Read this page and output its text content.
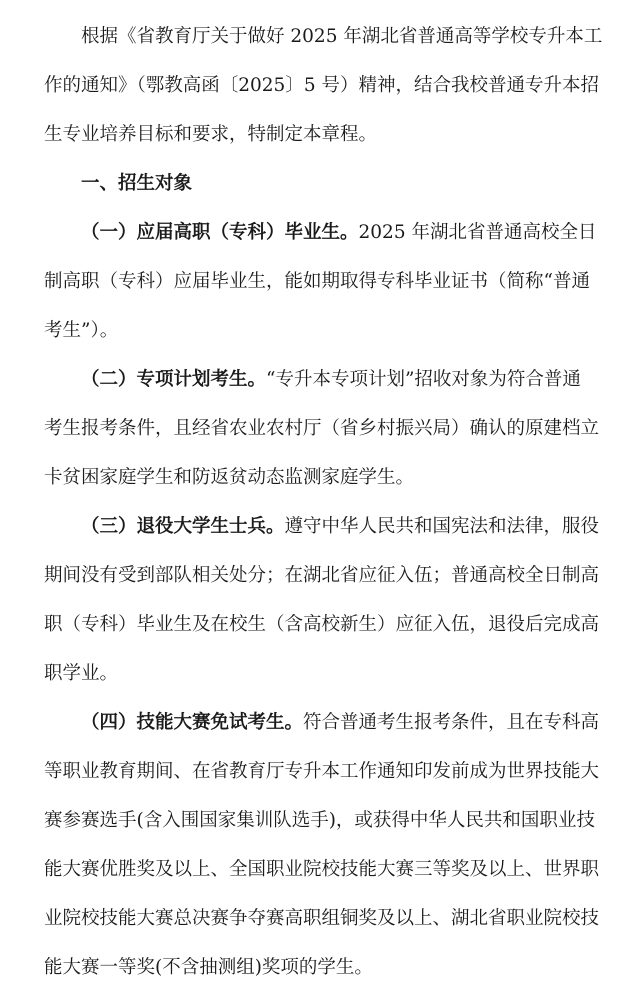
根据《省教育厅关于做好 2025 年湖北省普通高等学校专升本工
作的通知》（鄂教高函〔2025〕5 号）精神，结合我校普通专升本招
生专业培养目标和要求，特制定本章程。
一、招生对象
（一）应届高职（专科）毕业生。2025 年湖北省普通高校全日
制高职（专科）应届毕业生，能如期取得专科毕业证书（简称“普通
考生”）。
（二）专项计划考生。“专升本专项计划”招收对象为符合普通
考生报考条件，且经省农业农村厅（省乡村振兴局）确认的原建档立
卡贫困家庭学生和防返贫动态监测家庭学生。
（三）退役大学生士兵。遵守中华人民共和国宪法和法律，服役
期间没有受到部队相关处分；在湖北省应征入伍；普通高校全日制高
职（专科）毕业生及在校生（含高校新生）应征入伍，退役后完成高
职学业。
（四）技能大赛免试考生。符合普通考生报考条件，且在专科高
等职业教育期间、在省教育厅专升本工作通知印发前成为世界技能大
赛参赛选手(含入围国家集训队选手)，或获得中华人民共和国职业技
能大赛优胜奖及以上、全国职业院校技能大赛三等奖及以上、世界职
业院校技能大赛总决赛争夺赛高职组铜奖及以上、湖北省职业院校技
能大赛一等奖(不含抽测组)奖项的学生。
